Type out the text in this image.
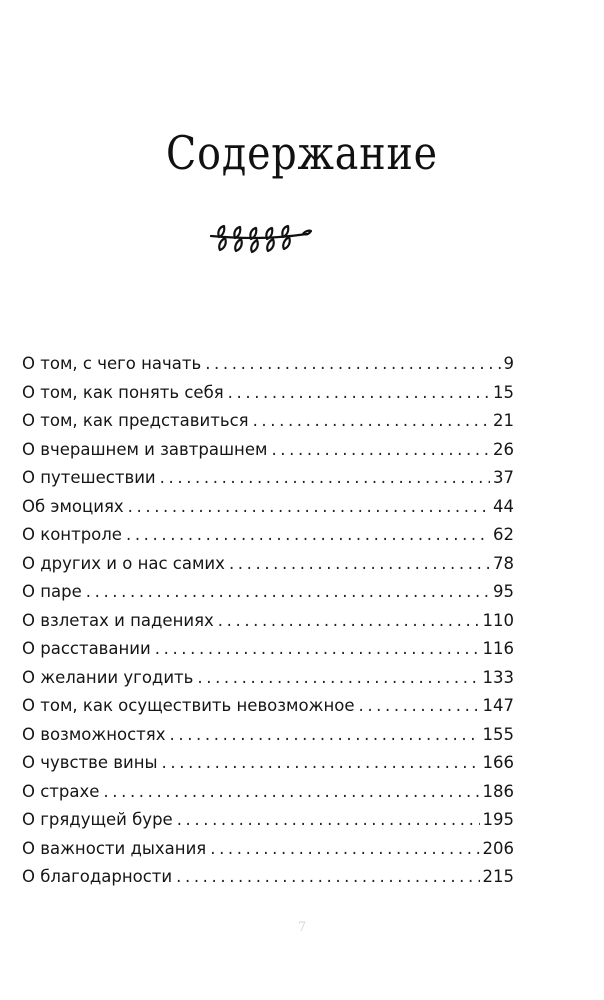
Содержание
О том, с чего начать .....	9
О том, как понять себя .....	15
О том, как представиться .....	21
О вчерашнем и завтрашнем .....	26
О путешествии .....	37
Об эмоциях .....	44
О контроле .....	62
О других и о нас самих .....	78
О паре .....	95
О взлетах и падениях .....	110
О расставании .....	116
О желании угодить .....	133
О том, как осуществить невозможное .....	147
О возможностях .....	155
О чувстве вины .....	166
О страхе .....	186
О грядущей буре .....	195
О важности дыхания .....	206
О благодарности .....	215
7
